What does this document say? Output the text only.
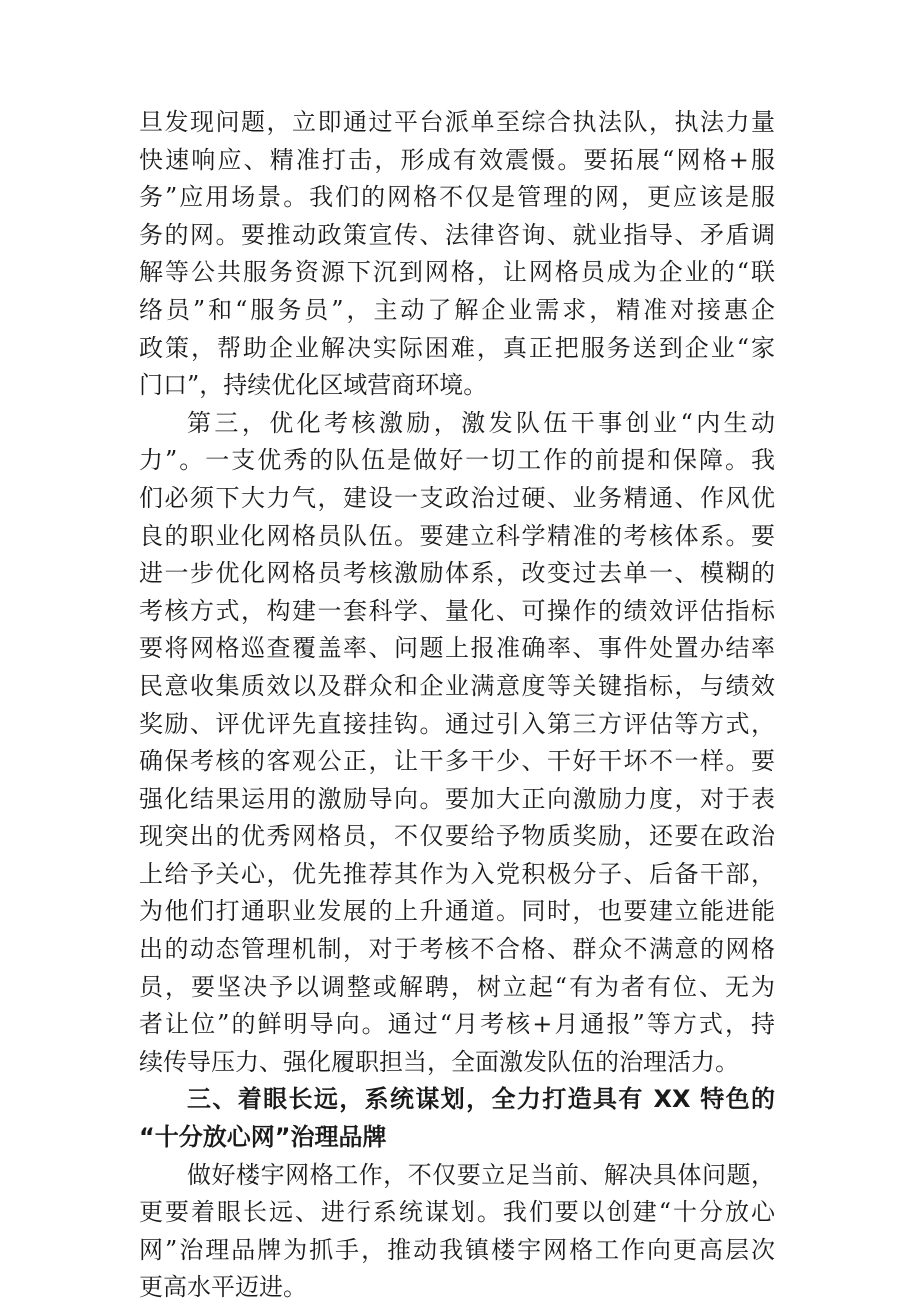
旦发现问题，立即通过平台派单至综合执法队，执法力量
快速响应、精准打击，形成有效震慑。要拓展“网格+服
务”应用场景。我们的网格不仅是管理的网，更应该是服
务的网。要推动政策宣传、法律咨询、就业指导、矛盾调
解等公共服务资源下沉到网格，让网格员成为企业的“联
络员”和“服务员”，主动了解企业需求，精准对接惠企
政策，帮助企业解决实际困难，真正把服务送到企业“家
门口”，持续优化区域营商环境。
第三，优化考核激励，激发队伍干事创业“内生动
力”。一支优秀的队伍是做好一切工作的前提和保障。我
们必须下大力气，建设一支政治过硬、业务精通、作风优
良的职业化网格员队伍。要建立科学精准的考核体系。要
进一步优化网格员考核激励体系，改变过去单一、模糊的
考核方式，构建一套科学、量化、可操作的绩效评估指标
要将网格巡查覆盖率、问题上报准确率、事件处置办结率
民意收集质效以及群众和企业满意度等关键指标，与绩效
奖励、评优评先直接挂钩。通过引入第三方评估等方式，
确保考核的客观公正，让干多干少、干好干坏不一样。要
强化结果运用的激励导向。要加大正向激励力度，对于表
现突出的优秀网格员，不仅要给予物质奖励，还要在政治
上给予关心，优先推荐其作为入党积极分子、后备干部，
为他们打通职业发展的上升通道。同时，也要建立能进能
出的动态管理机制，对于考核不合格、群众不满意的网格
员，要坚决予以调整或解聘，树立起“有为者有位、无为
者让位”的鲜明导向。通过“月考核+月通报”等方式，持
续传导压力、强化履职担当，全面激发队伍的治理活力。
三、着眼长远，系统谋划，全力打造具有 XX 特色的
“十分放心网”治理品牌
做好楼宇网格工作，不仅要立足当前、解决具体问题，
更要着眼长远、进行系统谋划。我们要以创建“十分放心
网”治理品牌为抓手，推动我镇楼宇网格工作向更高层次
更高水平迈进。
